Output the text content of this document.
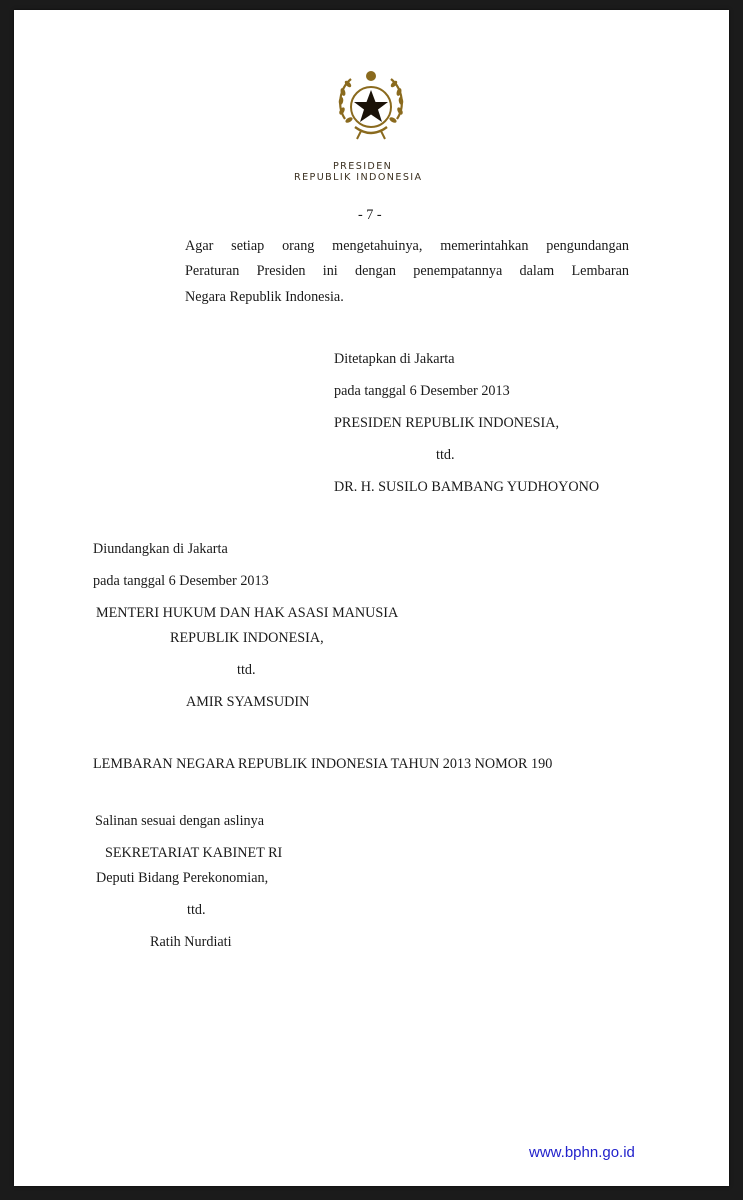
PRESIDEN
REPUBLIK INDONESIA
- 7 -
Agar setiap orang mengetahuinya, memerintahkan pengundangan
Peraturan Presiden ini dengan penempatannya dalam Lembaran
Negara Republik Indonesia.
Ditetapkan di Jakarta
pada tanggal 6 Desember 2013
PRESIDEN REPUBLIK INDONESIA,
ttd.
DR. H. SUSILO BAMBANG YUDHOYONO
Diundangkan di Jakarta
pada tanggal 6 Desember 2013
MENTERI HUKUM DAN HAK ASASI MANUSIA
REPUBLIK INDONESIA,
ttd.
AMIR SYAMSUDIN
LEMBARAN NEGARA REPUBLIK INDONESIA TAHUN 2013 NOMOR 190
Salinan sesuai dengan aslinya
SEKRETARIAT KABINET RI
Deputi Bidang Perekonomian,
ttd.
Ratih Nurdiati
www.bphn.go.id
